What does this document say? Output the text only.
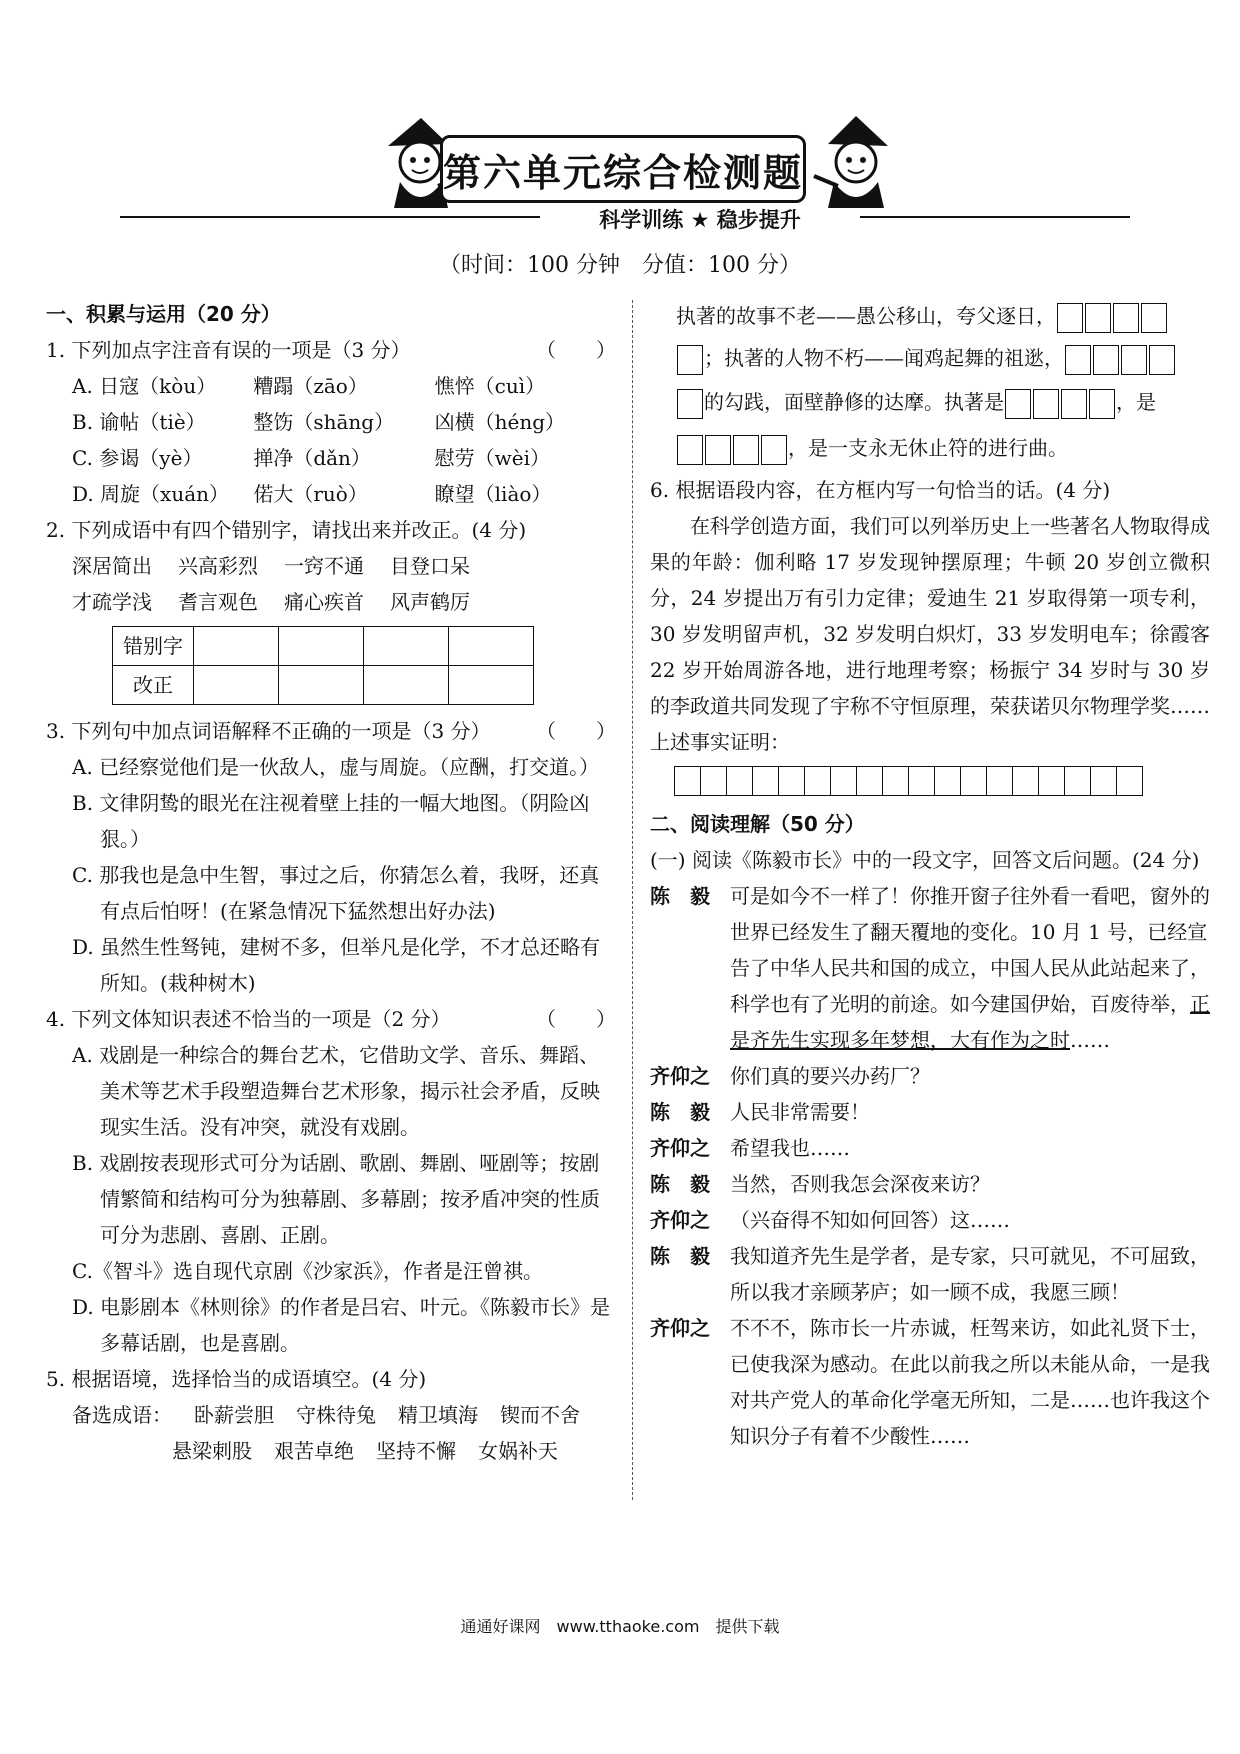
第六单元综合检测题
科学训练 ★ 稳步提升
（时间：100 分钟　分值：100 分）
一、积累与运用（20 分）
1. 下列加点字注音有误的一项是（3 分）	（　　）
A. 日寇（kòu）	糟蹋（zāo）	憔悴（cuì）
B. 谕帖（tiè）	整饬（shāng）	凶横（héng）
C. 参谒（yè）	掸净（dǎn）	慰劳（wèi）
D. 周旋（xuán）	偌大（ruò）	瞭望（liào）
2. 下列成语中有四个错别字，请找出来并改正。(4 分)
深居简出 兴高彩烈 一窍不通 目登口呆
才疏学浅 耆言观色 痛心疾首 风声鹤厉
错别字				
改正				
3. 下列句中加点词语解释不正确的一项是（3 分） （　　）
A. 已经察觉他们是一伙敌人，虚与周旋。（应酬，打交道。）
B. 文律阴鸷的眼光在注视着壁上挂的一幅大地图。（阴险凶狠。）
C. 那我也是急中生智，事过之后，你猜怎么着，我呀，还真有点后怕呀！(在紧急情况下猛然想出好办法)
D. 虽然生性驽钝，建树不多，但举凡是化学，不才总还略有所知。(栽种树木)
4. 下列文体知识表述不恰当的一项是（2 分）	（　　）
A. 戏剧是一种综合的舞台艺术，它借助文学、音乐、舞蹈、美术等艺术手段塑造舞台艺术形象，揭示社会矛盾，反映现实生活。没有冲突，就没有戏剧。
B. 戏剧按表现形式可分为话剧、歌剧、舞剧、哑剧等；按剧情繁简和结构可分为独幕剧、多幕剧；按矛盾冲突的性质可分为悲剧、喜剧、正剧。
C.《智斗》选自现代京剧《沙家浜》，作者是汪曾祺。
D. 电影剧本《林则徐》的作者是吕宕、叶元。《陈毅市长》是多幕话剧，也是喜剧。
5. 根据语境，选择恰当的成语填空。(4 分)
备选成语： 卧薪尝胆 守株待兔 精卫填海 锲而不舍
悬梁刺股 艰苦卓绝 坚持不懈 女娲补天
执著的故事不老——愚公移山，夸父逐日，
；执著的人物不朽——闻鸡起舞的祖逖，
的勾践，面壁静修的达摩。执著是	，是
，是一支永无休止符的进行曲。
6. 根据语段内容，在方框内写一句恰当的话。(4 分)
在科学创造方面，我们可以列举历史上一些著名人物取得成果的年龄：伽利略 17 岁发现钟摆原理；牛顿 20 岁创立微积分，24 岁提出万有引力定律；爱迪生 21 岁取得第一项专利，30 岁发明留声机，32 岁发明白炽灯，33 岁发明电车；徐霞客 22 岁开始周游各地，进行地理考察；杨振宁 34 岁时与 30 岁的李政道共同发现了宇称不守恒原理，荣获诺贝尔物理学奖……上述事实证明：
二、阅读理解（50 分）
(一) 阅读《陈毅市长》中的一段文字，回答文后问题。(24 分)
陈　毅	可是如今不一样了！你推开窗子往外看一看吧，窗外的世界已经发生了翻天覆地的变化。10 月 1 号，已经宣告了中华人民共和国的成立，中国人民从此站起来了，科学也有了光明的前途。如今建国伊始，百废待举，正是齐先生实现多年梦想，大有作为之时……
齐仰之	你们真的要兴办药厂？
陈　毅	人民非常需要！
齐仰之	希望我也……
陈　毅	当然，否则我怎会深夜来访？
齐仰之	（兴奋得不知如何回答）这……
陈　毅	我知道齐先生是学者，是专家，只可就见，不可屈致，所以我才亲顾茅庐；如一顾不成，我愿三顾！
齐仰之	不不不，陈市长一片赤诚，枉驾来访，如此礼贤下士，已使我深为感动。在此以前我之所以未能从命，一是我对共产党人的革命化学毫无所知，二是……也许我这个知识分子有着不少酸性……
通通好课网　www.tthaoke.com　提供下载
